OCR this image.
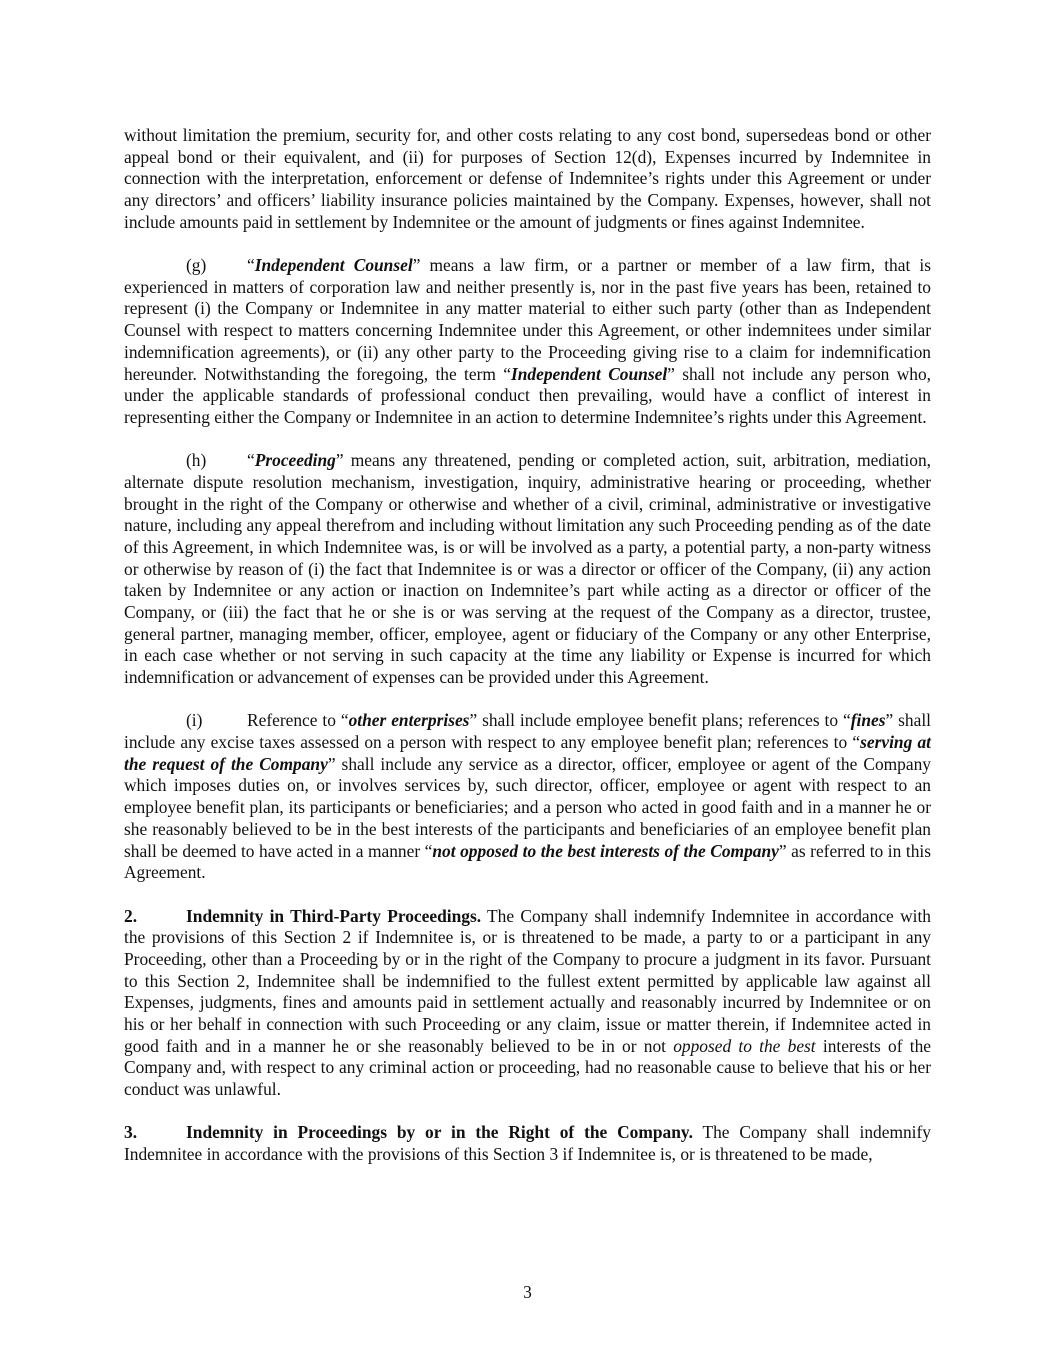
without limitation the premium, security for, and other costs relating to any cost bond, supersedeas bond or other appeal bond or their equivalent, and (ii) for purposes of Section 12(d), Expenses incurred by Indemnitee in connection with the interpretation, enforcement or defense of Indemnitee’s rights under this Agreement or under any directors’ and officers’ liability insurance policies maintained by the Company. Expenses, however, shall not include amounts paid in settlement by Indemnitee or the amount of judgments or fines against Indemnitee.

(g) “Independent Counsel” means a law firm, or a partner or member of a law firm, that is experienced in matters of corporation law and neither presently is, nor in the past five years has been, retained to represent (i) the Company or Indemnitee in any matter material to either such party (other than as Independent Counsel with respect to matters concerning Indemnitee under this Agreement, or other indemnitees under similar indemnification agreements), or (ii) any other party to the Proceeding giving rise to a claim for indemnification hereunder. Notwithstanding the foregoing, the term “Independent Counsel” shall not include any person who, under the applicable standards of professional conduct then prevailing, would have a conflict of interest in representing either the Company or Indemnitee in an action to determine Indemnitee’s rights under this Agreement.

(h) “Proceeding” means any threatened, pending or completed action, suit, arbitration, mediation, alternate dispute resolution mechanism, investigation, inquiry, administrative hearing or proceeding, whether brought in the right of the Company or otherwise and whether of a civil, criminal, administrative or investigative nature, including any appeal therefrom and including without limitation any such Proceeding pending as of the date of this Agreement, in which Indemnitee was, is or will be involved as a party, a potential party, a non-party witness or otherwise by reason of (i) the fact that Indemnitee is or was a director or officer of the Company, (ii) any action taken by Indemnitee or any action or inaction on Indemnitee’s part while acting as a director or officer of the Company, or (iii) the fact that he or she is or was serving at the request of the Company as a director, trustee, general partner, managing member, officer, employee, agent or fiduciary of the Company or any other Enterprise, in each case whether or not serving in such capacity at the time any liability or Expense is incurred for which indemnification or advancement of expenses can be provided under this Agreement.

(i)	Reference to “other enterprises” shall include employee benefit plans; references to “fines” shall include any excise taxes assessed on a person with respect to any employee benefit plan; references to “serving at the request of the Company” shall include any service as a director, officer, employee or agent of the Company which imposes duties on, or involves services by, such director, officer, employee or agent with respect to an employee benefit plan, its participants or beneficiaries; and a person who acted in good faith and in a manner he or she reasonably believed to be in the best interests of the participants and beneficiaries of an employee benefit plan shall be deemed to have acted in a manner “not opposed to the best interests of the Company” as referred to in this Agreement.

2.	Indemnity in Third-Party Proceedings. The Company shall indemnify Indemnitee in accordance with the provisions of this Section 2 if Indemnitee is, or is threatened to be made, a party to or a participant in any Proceeding, other than a Proceeding by or in the right of the Company to procure a judgment in its favor. Pursuant to this Section 2, Indemnitee shall be indemnified to the fullest extent permitted by applicable law against all Expenses, judgments, fines and amounts paid in settlement actually and reasonably incurred by Indemnitee or on his or her behalf in connection with such Proceeding or any claim, issue or matter therein, if Indemnitee acted in good faith and in a manner he or she reasonably believed to be in or not opposed to the best interests of the Company and, with respect to any criminal action or proceeding, had no reasonable cause to believe that his or her conduct was unlawful.

3.	Indemnity in Proceedings by or in the Right of the Company. The Company shall indemnify Indemnitee in accordance with the provisions of this Section 3 if Indemnitee is, or is threatened to be made,

3
